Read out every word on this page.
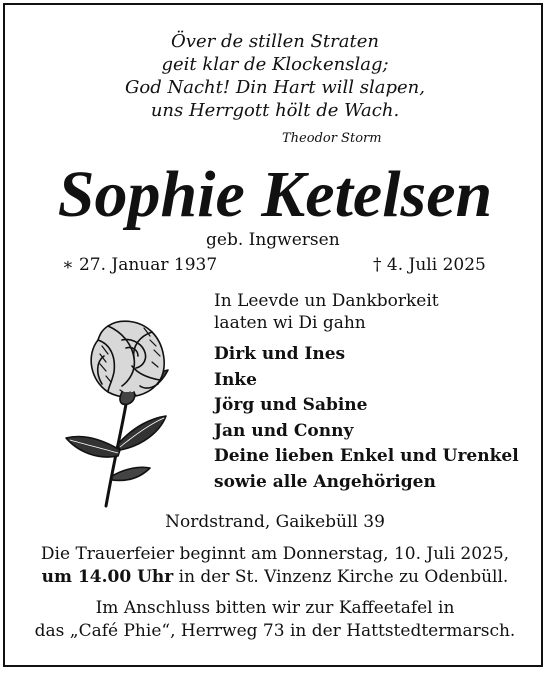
Över de stillen Straten
geit klar de Klockenslag;
God Nacht! Din Hart will slapen,
uns Herrgott hölt de Wach.
Theodor Storm
Sophie Ketelsen
geb. Ingwersen
∗ 27. Januar 1937	† 4. Juli 2025
In Leevde un Dankborkeit
laaten wi Di gahn
Dirk und Ines
Inke
Jörg und Sabine
Jan und Conny
Deine lieben Enkel und Urenkel
sowie alle Angehörigen
Nordstrand, Gaikebüll 39
Die Trauerfeier beginnt am Donnerstag, 10. Juli 2025,
um 14.00 Uhr in der St. Vinzenz Kirche zu Odenbüll.
Im Anschluss bitten wir zur Kaffeetafel in
das „Café Phie“, Herrweg 73 in der Hattstedtermarsch.
